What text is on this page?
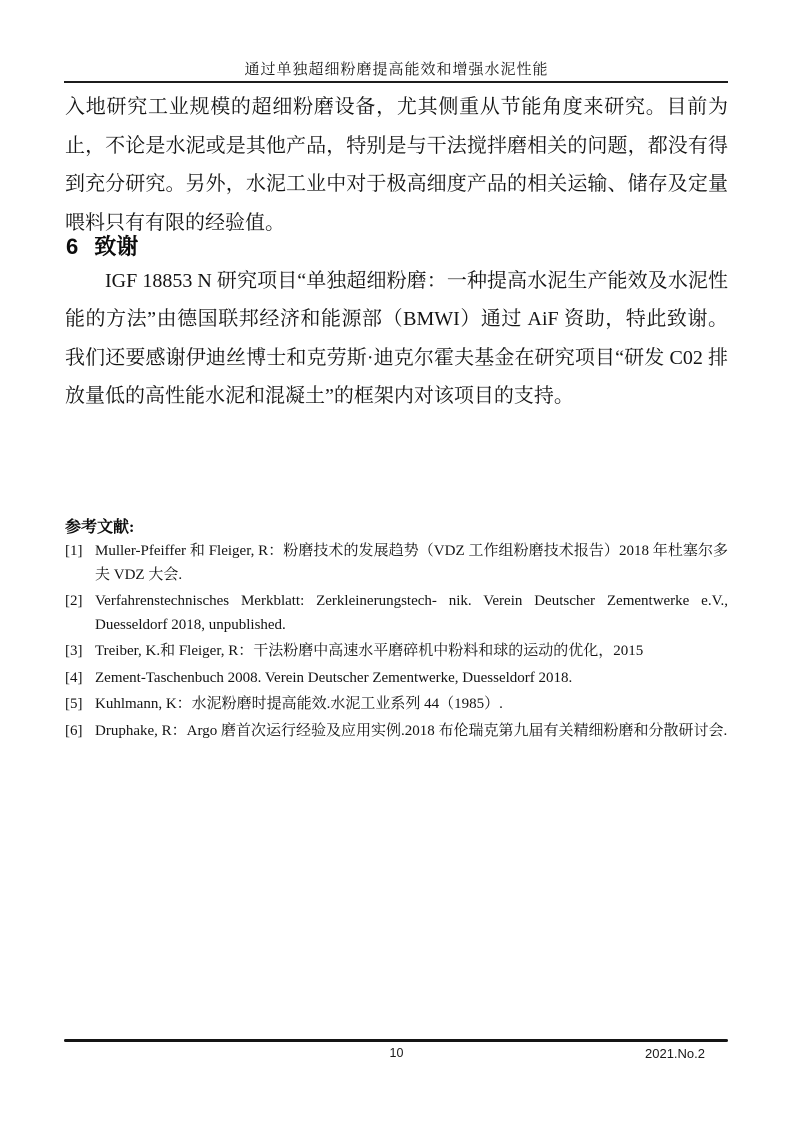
通过单独超细粉磨提高能效和增强水泥性能
入地研究工业规模的超细粉磨设备，尤其侧重从节能角度来研究。目前为止，不论是水泥或是其他产品，特别是与干法搅拌磨相关的问题，都没有得到充分研究。另外，水泥工业中对于极高细度产品的相关运输、储存及定量喂料只有有限的经验值。
6 致谢
IGF 18853 N 研究项目“单独超细粉磨：一种提高水泥生产能效及水泥性能的方法”由德国联邦经济和能源部（BMWI）通过 AiF 资助，特此致谢。我们还要感谢伊迪丝博士和克劳斯·迪克尔霍夫基金在研究项目“研发 C02 排放量低的高性能水泥和混凝土”的框架内对该项目的支持。
参考文献:
[1] Muller-Pfeiffer 和 Fleiger, R：粉磨技术的发展趋势（VDZ 工作组粉磨技术报告）2018 年杜塞尔多夫 VDZ 大会.
[2] Verfahrenstechnisches Merkblatt: Zerkleinerungstech- nik. Verein Deutscher Zementwerke e.V., Duesseldorf 2018, unpublished.
[3] Treiber, K.和 Fleiger, R：干法粉磨中高速水平磨碎机中粉料和球的运动的优化，2015
[4] Zement-Taschenbuch 2008. Verein Deutscher Zementwerke, Duesseldorf 2018.
[5] Kuhlmann, K：水泥粉磨时提高能效.水泥工业系列 44（1985）.
[6] Druphake, R：Argo 磨首次运行经验及应用实例.2018 布伦瑞克第九届有关精细粉磨和分散研讨会.
10	2021.No.2
